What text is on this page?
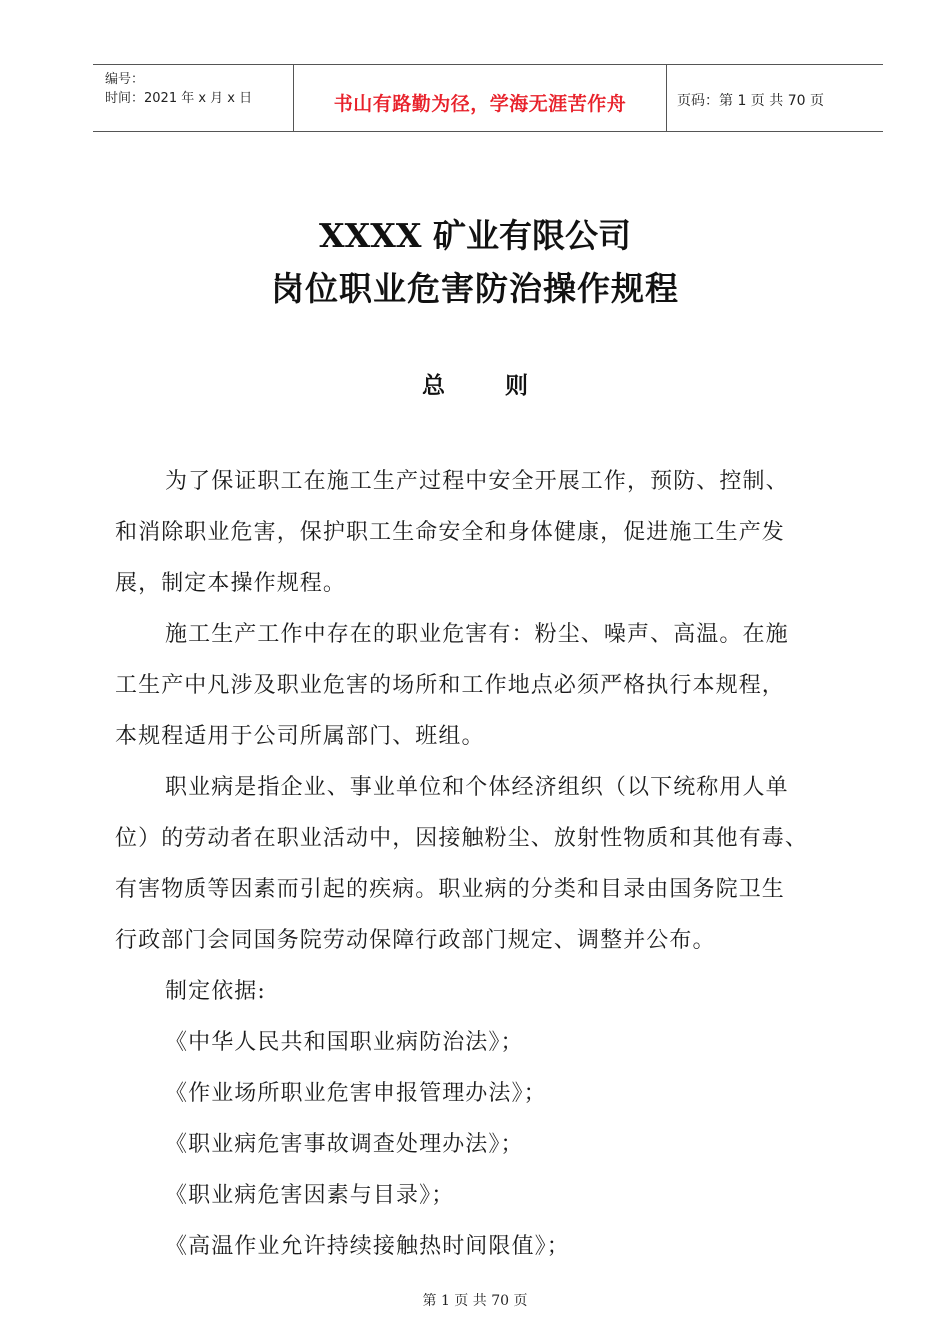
编号：
时间：2021 年 x 月 x 日	书山有路勤为径，学海无涯苦作舟	页码：第 1 页 共 70 页
XXXX 矿业有限公司
岗位职业危害防治操作规程
总	则
为了保证职工在施工生产过程中安全开展工作，预防、控制、
和消除职业危害，保护职工生命安全和身体健康，促进施工生产发
展，制定本操作规程。
施工生产工作中存在的职业危害有：粉尘、噪声、高温。在施
工生产中凡涉及职业危害的场所和工作地点必须严格执行本规程，
本规程适用于公司所属部门、班组。
职业病是指企业、事业单位和个体经济组织（以下统称用人单
位）的劳动者在职业活动中，因接触粉尘、放射性物质和其他有毒、
有害物质等因素而引起的疾病。职业病的分类和目录由国务院卫生
行政部门会同国务院劳动保障行政部门规定、调整并公布。
制定依据:
《中华人民共和国职业病防治法》；
《作业场所职业危害申报管理办法》；
《职业病危害事故调查处理办法》；
《职业病危害因素与目录》；
《高温作业允许持续接触热时间限值》；
第 1 页 共 70 页
